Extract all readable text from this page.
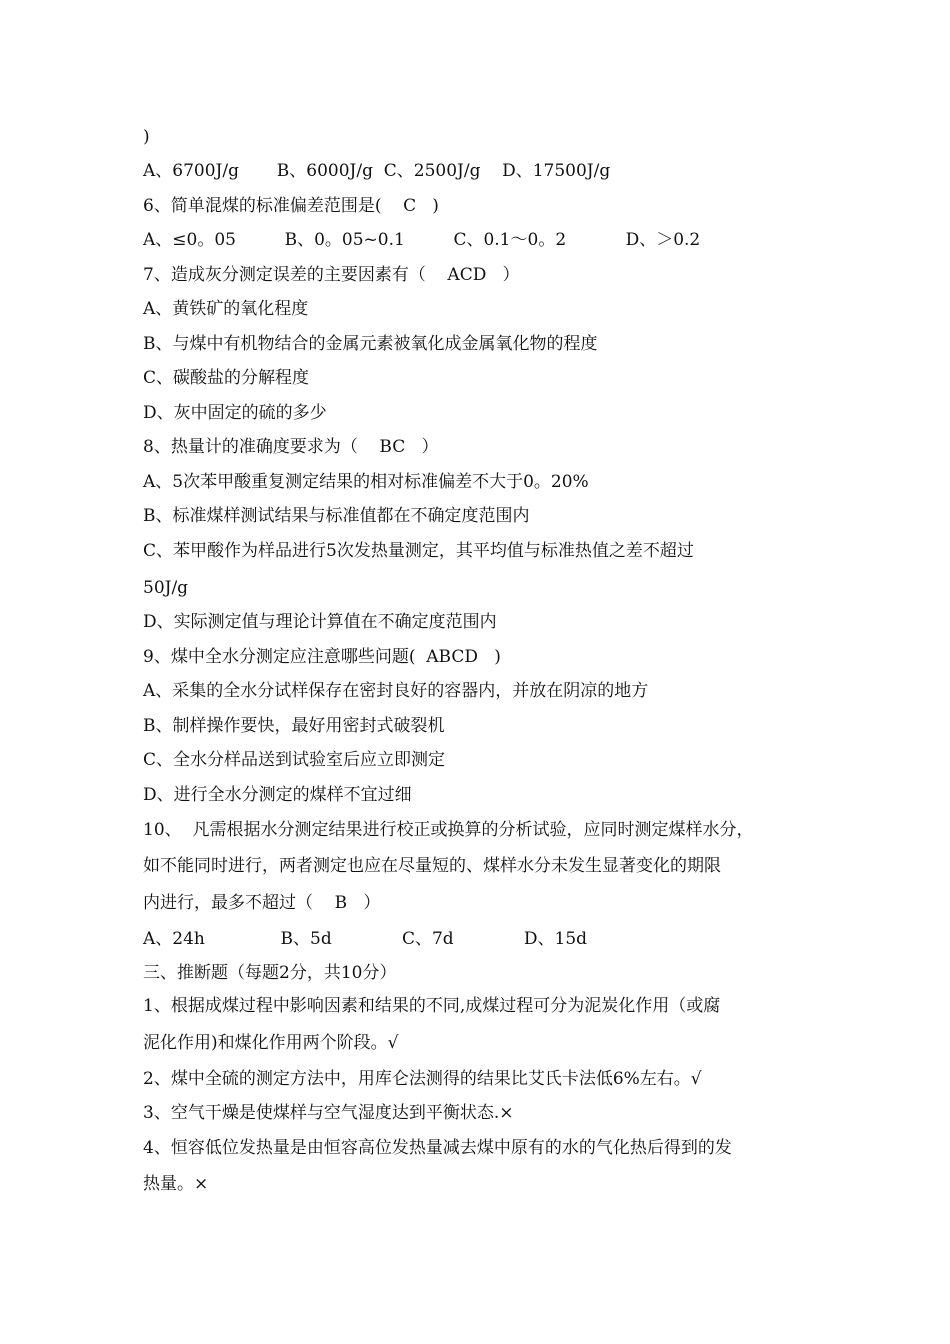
)
A、6700J/g       B、6000J/g  C、2500J/g    D、17500J/g
6、简单混煤的标准偏差范围是(    C   )
A、≤0。05         B、0。05~0.1         C、0.1～0。2           D、＞0.2
7、造成灰分测定误差的主要因素有（    ACD   ）
A、黄铁矿的氧化程度
B、与煤中有机物结合的金属元素被氧化成金属氧化物的程度
C、碳酸盐的分解程度
D、灰中固定的硫的多少
8、热量计的准确度要求为（    BC   ）
A、5次苯甲酸重复测定结果的相对标准偏差不大于0。20%
B、标准煤样测试结果与标准值都在不确定度范围内
C、苯甲酸作为样品进行5次发热量测定，其平均值与标准热值之差不超过
50J/g
D、实际测定值与理论计算值在不确定度范围内
9、煤中全水分测定应注意哪些问题(  ABCD   )
A、采集的全水分试样保存在密封良好的容器内，并放在阴凉的地方
B、制样操作要快，最好用密封式破裂机
C、全水分样品送到试验室后应立即测定
D、进行全水分测定的煤样不宜过细
10、  凡需根据水分测定结果进行校正或换算的分析试验，应同时测定煤样水分，
如不能同时进行，两者测定也应在尽量短的、煤样水分未发生显著变化的期限
内进行，最多不超过（    B   ）
A、24h              B、5d             C、7d             D、15d
三、推断题（每题2分，共10分）
1、根据成煤过程中影响因素和结果的不同,成煤过程可分为泥炭化作用（或腐
泥化作用)和煤化作用两个阶段。√
2、煤中全硫的测定方法中，用库仑法测得的结果比艾氏卡法低6%左右。√
3、空气干燥是使煤样与空气湿度达到平衡状态.×
4、恒容低位发热量是由恒容高位发热量减去煤中原有的水的气化热后得到的发
热量。×
